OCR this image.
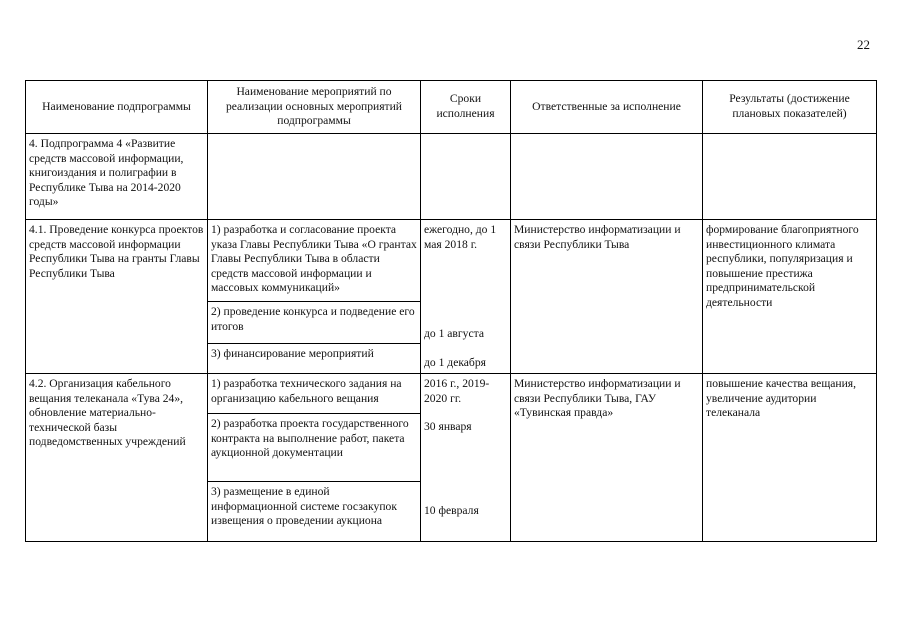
22
Наименование подпрограммы	Наименование мероприятий по реализации основных мероприятий подпрограммы	Сроки исполнения	Ответственные за исполнение	Результаты (достижение плановых показателей)
4. Подпрограмма 4 «Развитие средств массовой информации, книгоиздания и полиграфии в Республике Тыва на 2014-2020 годы»				
4.1. Проведение конкурса проектов средств массовой информации Республики Тыва на гранты Главы Республики Тыва	1) разработка и согласование проекта указа Главы Республики Тыва «О грантах Главы Республики Тыва в области средств массовой информации и массовых коммуникаций»	ежегодно, до 1 мая 2018 г.	Министерство информатизации и связи Республики Тыва	формирование благоприятного инвестиционного климата республики, популяризация и повышение престижа предпринимательской деятельности
	2) проведение конкурса и подведение его итогов	до 1 августа		
	3) финансирование мероприятий	до 1 декабря		
4.2. Организация кабельного вещания телеканала «Тува 24», обновление материально-технической базы подведомственных учреждений	1) разработка технического задания на организацию кабельного вещания	2016 г., 2019-2020 гг.	Министерство информатизации и связи Республики Тыва, ГАУ «Тувинская правда»	повышение качества вещания, увеличение аудитории телеканала
	2) разработка проекта государственного контракта на выполнение работ, пакета аукционной документации	30 января		
	3) размещение в единой информационной системе госзакупок извещения о проведении аукциона	10 февраля		
